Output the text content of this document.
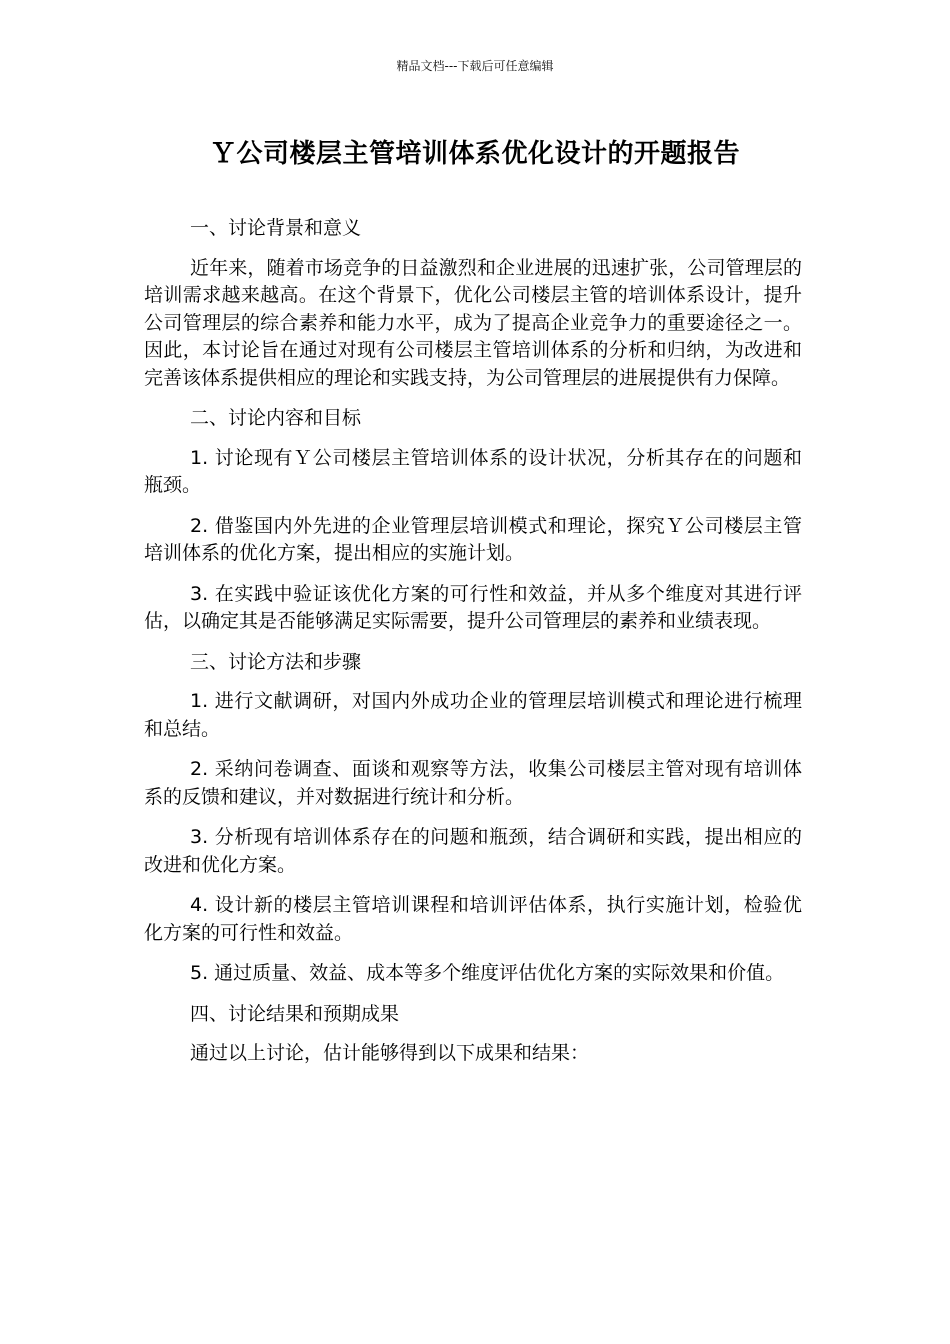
精品文档---下载后可任意编辑
Ｙ公司楼层主管培训体系优化设计的开题报告
一、讨论背景和意义

近年来，随着市场竞争的日益激烈和企业进展的迅速扩张，公司管理层的培训需求越来越高。在这个背景下，优化公司楼层主管的培训体系设计，提升公司管理层的综合素养和能力水平，成为了提高企业竞争力的重要途径之一。因此，本讨论旨在通过对现有公司楼层主管培训体系的分析和归纳，为改进和完善该体系提供相应的理论和实践支持，为公司管理层的进展提供有力保障。

二、讨论内容和目标

1. 讨论现有Ｙ公司楼层主管培训体系的设计状况，分析其存在的问题和瓶颈。

2. 借鉴国内外先进的企业管理层培训模式和理论，探究Ｙ公司楼层主管培训体系的优化方案，提出相应的实施计划。

3. 在实践中验证该优化方案的可行性和效益，并从多个维度对其进行评估，以确定其是否能够满足实际需要，提升公司管理层的素养和业绩表现。

三、讨论方法和步骤

1. 进行文献调研，对国内外成功企业的管理层培训模式和理论进行梳理和总结。

2. 采纳问卷调查、面谈和观察等方法，收集公司楼层主管对现有培训体系的反馈和建议，并对数据进行统计和分析。

3. 分析现有培训体系存在的问题和瓶颈，结合调研和实践，提出相应的改进和优化方案。

4. 设计新的楼层主管培训课程和培训评估体系，执行实施计划，检验优化方案的可行性和效益。

5. 通过质量、效益、成本等多个维度评估优化方案的实际效果和价值。

四、讨论结果和预期成果

通过以上讨论，估计能够得到以下成果和结果：
